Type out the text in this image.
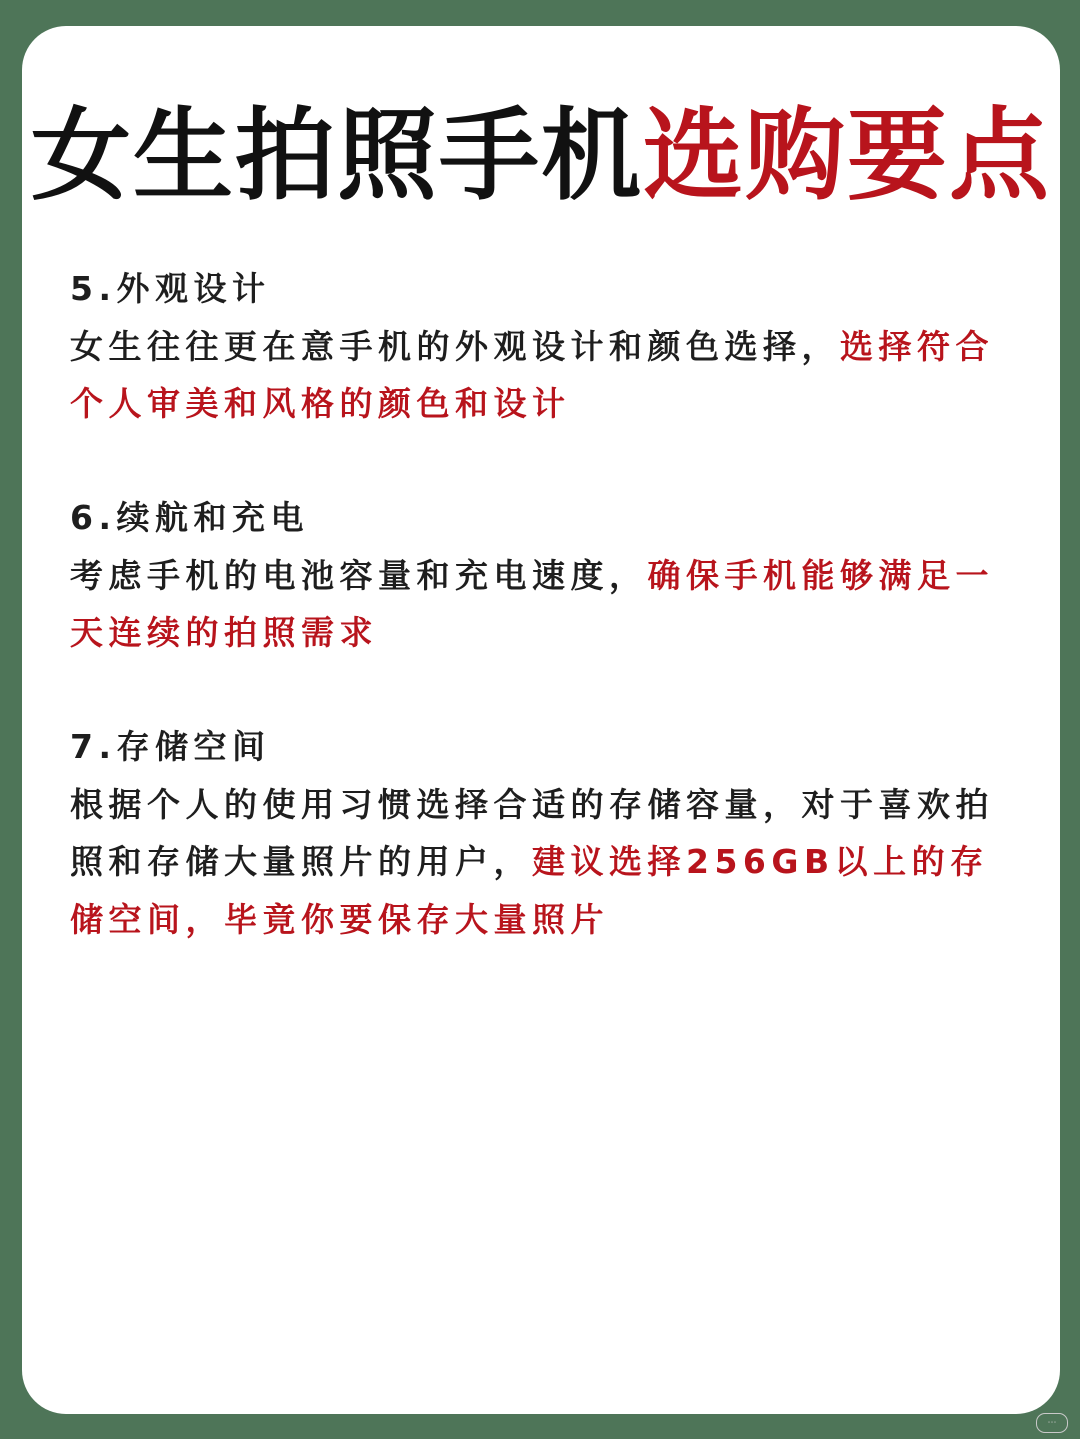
女生拍照手机选购要点
5.外观设计
女生往往更在意手机的外观设计和颜色选择，选择符合个人审美和风格的颜色和设计
6.续航和充电
考虑手机的电池容量和充电速度，确保手机能够满足一天连续的拍照需求
7.存储空间
根据个人的使用习惯选择合适的存储容量，对于喜欢拍照和存储大量照片的用户，建议选择256GB以上的存储空间，毕竟你要保存大量照片
⋯
